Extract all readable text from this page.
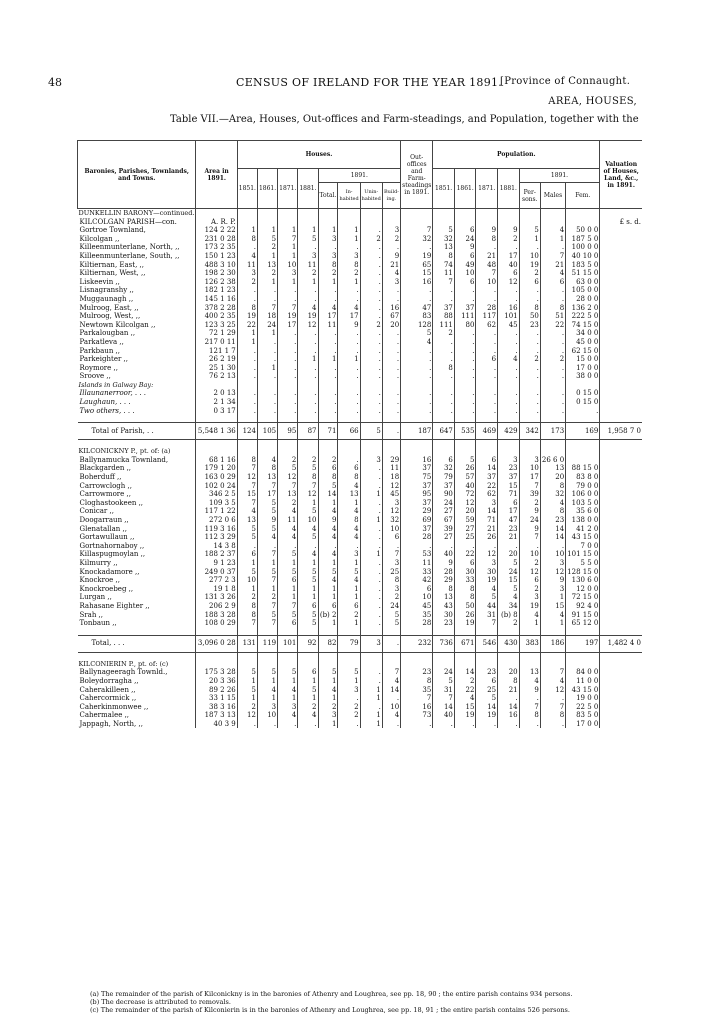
48	CENSUS OF IRELAND FOR THE YEAR 1891.
[Province of Connaught.
AREA, HOUSES,
Table VII.—Area, Houses, Out-offices and Farm-steadings, and Population, together with the
Baronies, Parishes, Townlands, and Towns.	Area in 1891.	Houses.								Out-offices and Farm-steadings in 1891.	Population.							Valuation of Houses, Land, &c., in 1891.
		1851.	1861.	1871.	1881.	1891.					1851.	1861.	1871.	1881.	1891.			
						Total.	In-habited	Unin-habited	Build-ing.						Per-sons.	Males	Fem.	
DUNKELLIN BARONY—continued.																		
KILCOLGAN PARISH—con.	A. R. P.																	£ s. d.
Gortroe Townland,	124 2 22	1	1	1	1	1	1	.	3	7	5	6	9	9	5	4	50 0 0	
Kilcolgan ,,	231 0 28	8	5	7	5	3	1	2	2	32	32	24	8	2	1	1	187 5 0	
Killeenmunterlane, North, ,,	173 2 35	.	2	1	.	.	.	.	.	.	13	9	.	.	.	.	100 0 0	
Killeenmunterlane, South, ,,	150 1 23	4	1	1	3	3	3	.	9	19	8	6	21	17	10	7	40 10 0	
Kiltiernan, East, ,,	488 3 10	11	13	10	11	8	8	.	21	65	74	49	48	40	19	21	183 5 0	
Kiltiernan, West, ,,	198 2 30	3	2	3	2	2	2	.	4	15	11	10	7	6	2	4	51 15 0	
Liskeevin ,,	126 2 38	2	1	1	1	1	1	.	3	16	7	6	10	12	6	6	63 0 0	
Lisnagranshy ,,	182 1 23	.	.	.	.	.	.	.	.	.	.	.	.	.	.	.	105 0 0	
Muggaunagh ,,	145 1 16	.	.	.	.	.	.	.	.	.	.	.	.	.	.	.	28 0 0	
Mulroog, East, ,,	378 2 28	8	7	7	4	4	4	.	16	47	37	37	28	16	8	8	136 2 0	
Mulroog, West, ,,	400 2 35	19	18	19	19	17	17	.	67	83	88	111	117	101	50	51	222 5 0	
Newtown Kilcolgan ,,	123 3 25	22	24	17	12	11	9	2	20	128	111	80	62	45	23	22	74 15 0	
Parkalougban ,,	72 1 29	1	1	.	.	.	.	.	.	5	2	.	.	.	.	.	34 0 0	
Parkatleva ,,	217 0 11	1	.	.	.	.	.	.	.	4	.	.	.	.	.	.	45 0 0	
Parkbaun ,,	121 1 7	.	.	.	.	.	.	.	.	.	.	.	.	.	.	.	62 15 0	
Parkeighter ,,	26 2 19	.	.	.	1	1	1	.	.	.	.	.	6	4	2	2	15 0 0	
Roymore ,,	25 1 30	.	1	.	.	.	.	.	.	.	8	.	.	.	.	.	17 0 0	
Sroove ,,	76 2 13	.	.	.	.	.	.	.	.	.	.	.	.	.	.	.	38 0 0	
Islands in Galway Bay:																		
Illaunanerroor, . . .	2 0 13	.	.	.	.	.	.	.	.	.	.	.	.	.	.	.	0 15 0	
Laughaun, . . .	2 1 34	.	.	.	.	.	.	.	.	.	.	.	.	.	.	.	0 15 0	
Two others, . . .	0 3 17	.	.	.	.	.	.	.	.	.	.	.	.	.	.	.	.	

Total of Parish, . .	5,548 1 36	124	105	95	87	71	66	5	.	187	647	535	469	429	342	173	169	1,958 7 0

KILCONICKNY P., pt. of: (a)																		
Ballynamucka Townland,	68 1 16	8	4	2	2	2	.	3	29	16	6	5	6	3	3	26 6 0		
Blackgarden ,,	179 1 20	7	8	5	5	6	6	.	11	37	32	26	14	23	10	13	88 15 0	
Boherduff ,,	163 0 29	12	13	12	8	8	8	.	18	75	79	57	37	37	17	20	83 8 0	
Carrowclogh ,,	102 0 24	7	7	7	7	5	4	.	12	37	37	40	22	15	7	8	79 0 0	
Carrowmore ,,	346 2 5	15	17	13	12	14	13	1	45	95	90	72	62	71	39	32	106 0 0	
Cloghastookeen ,,	109 3 5	7	5	2	1	1	1	.	3	37	24	12	3	6	2	4	103 5 0	
Conicar ,,	117 1 22	4	5	4	5	4	4	.	12	29	27	20	14	17	9	8	35 6 0	
Doogarraun ,,	272 0 6	13	9	11	10	9	8	1	32	69	67	59	71	47	24	23	138 0 0	
Glenatallan ,,	119 3 16	5	5	4	4	4	4	.	10	37	39	27	21	23	9	14	41 2 0	
Gortawullaun ,,	112 3 29	5	4	4	5	4	4	.	6	28	27	25	26	21	7	14	43 15 0	
Gortnahornaboy ,,	14 3 8	.	.	.	.	.	.	.	.	.	.	.	.	.	.	.	7 0 0	
Killaspugmoylan ,,	188 2 37	6	7	5	4	4	3	1	7	53	40	22	12	20	10	10	101 15 0	
Kilmurry ,,	9 1 23	1	1	1	1	1	1	.	3	11	9	6	3	5	2	3	5 5 0	
Knockadamore ,,	249 0 37	5	5	5	5	5	5	.	25	33	28	30	30	24	12	12	128 15 0	
Knockroe ,,	277 2 3	10	7	6	5	4	4	.	8	42	29	33	19	15	6	9	130 6 0	
Knockroebeg ,,	19 1 8	1	1	1	1	1	1	.	3	6	8	8	4	5	2	3	12 0 0	
Lurgan ,,	131 3 26	2	2	1	1	1	1	.	2	10	13	8	5	4	3	1	72 15 0	
Rahasane Eighter ,,	206 2 9	8	7	7	6	6	6	.	24	45	43	50	44	34	19	15	92 4 0	
Srah ,,	188 3 28	8	5	5	5	(b) 2	2	.	5	35	30	26	31	(b) 8	4	4	91 15 0	
Tonbaun ,,	108 0 29	7	7	6	5	1	1	.	5	28	23	19	7	2	1	1	65 12 0	

Total, . . .	3,096 0 28	131	119	101	92	82	79	3	.	232	736	671	546	430	383	186	197	1,482 4 0

KILCONIERIN P., pt. of: (c)																		
Ballynageeragh Townld.,	175 3 28	5	5	5	6	5	5	.	7	23	24	14	23	20	13	7	84 0 0	
Boleydorragha ,,	20 3 36	1	1	1	1	1	1	.	4	8	5	2	6	8	4	4	11 0 0	
Caherakilleen ,,	89 2 26	5	4	4	5	4	3	1	14	35	31	22	25	21	9	12	43 15 0	
Cahercormick ,,	33 1 15	1	1	1	1	1	.	1	.	7	7	4	5	.	.	.	19 0 0	
Caherkinmonwee ,,	38 3 16	2	3	3	2	2	2	.	10	16	14	15	14	14	7	7	22 5 0	
Cahermalee ,,	187 3 13	12	10	4	4	3	2	1	4	73	40	19	19	16	8	8	83 5 0	
Jappagh, North, ,,	40 3 9	.	.	.	.	1	.	1	.	.	.	.	.	.	.	.	17 0 0	
(a) The remainder of the parish of Kilconickny is in the baronies of Athenry and Loughrea, see pp. 18, 90 ; the entire parish contains 934 persons.
(b) The decrease is attributed to removals.
(c) The remainder of the parish of Kilconierin is in the baronies of Athenry and Loughrea, see pp. 18, 91 ; the entire parish contains 526 persons.
